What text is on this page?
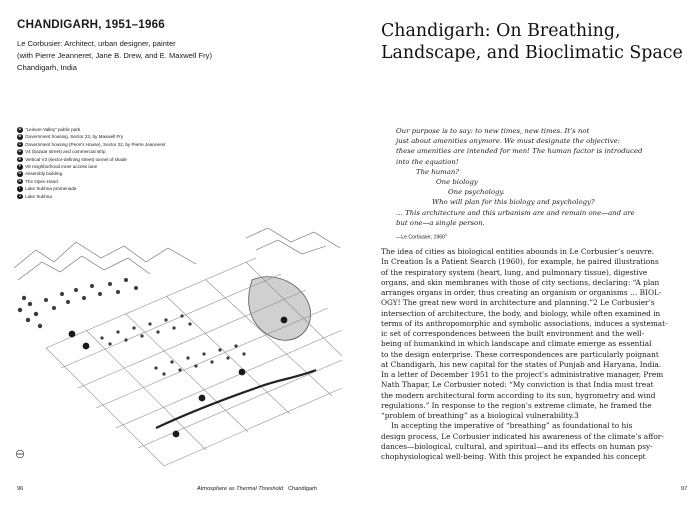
CHANDIGARH, 1951–1966
Le Corbusier: Architect, urban designer, painter
(with Pierre Jeanneret, Jane B. Drew, and E. Maxwell Fry)
Chandigarh, India
A “Leisure Valley” public park
B Government housing, Sector 23, by Maxwell Fry
C Government housing (Peon’s House), Sector 22, by Pierre Jeanneret
D V4 (bazaar street) and commercial strip
E Vertical V3 (sector-defining street) tunnel of shade
F V8 neighborhood inner access lane
G Assembly building
H The Open Hand
I	Lake Sukhna promenade
J Lake Sukhna
96	Atmosphere as Thermal Threshold Chandigarh
Chandigarh: On Breathing,
Landscape, and Bioclimatic Space
Our purpose is to say: to new times, new times. It’s not
just about amenities anymore. We must designate the objective:
these amenities are intended for men! The human factor is introduced
into the equation!
The human?
One biology
One psychology.
Who will plan for this biology and psychology?
… This architecture and this urbanism are and remain one—and are
but one—a single person.
—Le Corbusier, 1960$^1$
The idea of cities as biological entities abounds in Le Corbusier’s oeuvre.
In Creation Is a Patient Search (1960), for example, he paired illustrations
of the respiratory system (heart, lung, and pulmonary tissue), digestive
organs, and skin membranes with those of city sections, declaring: “A plan
arranges organs in order, thus creating an organism or organisms … BIOL-
OGY! The great new word in architecture and planning.”2 Le Corbusier’s
intersection of architecture, the body, and biology, while often examined in
terms of its anthropomorphic and symbolic associations, induces a systemat-
ic set of correspondences between the built environment and the well-
being of humankind in which landscape and climate emerge as essential
to the design enterprise. These correspondences are particularly poignant
at Chandigarh, his new capital for the states of Punjab and Haryana, India.
In a letter of December 1951 to the project’s administrative manager, Prem
Nath Thapar, Le Corbusier noted: “My conviction is that India must treat
the modern architectural form according to its sun, hygrometry and wind
regulations.” In response to the region’s extreme climate, he framed the
“problem of breathing” as a biological vulnerability.3
In accepting the imperative of “breathing” as foundational to his
design process, Le Corbusier indicated his awareness of the climate’s affor-
dances—biological, cultural, and spiritual—and its effects on human psy-
chophysiological well-being. With this project he expanded his concept
97
